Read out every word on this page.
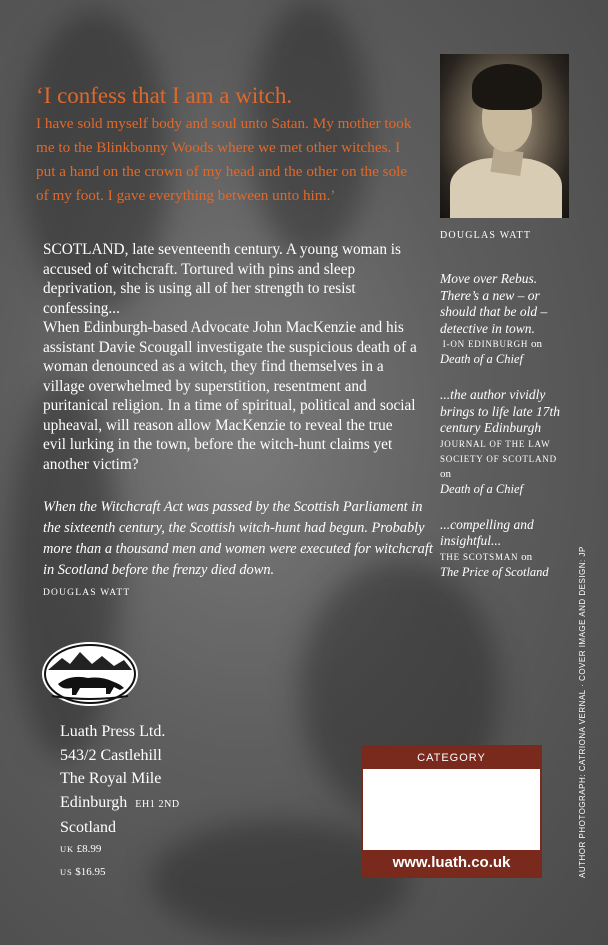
‘I confess that I am a witch.

I have sold myself body and soul unto Satan. My mother took me to the Blinkbonny Woods where we met other witches. I put a hand on the crown of my head and the other on the sole of my foot. I gave everything between unto him.’

DOUGLAS WATT

SCOTLAND, late seventeenth century. A young woman is accused of witchcraft. Tortured with pins and sleep deprivation, she is using all of her strength to resist confessing...

When Edinburgh-based Advocate John MacKenzie and his assistant Davie Scougall investigate the suspicious death of a woman denounced as a witch, they find themselves in a village overwhelmed by superstition, resentment and puritanical religion. In a time of spiritual, political and social upheaval, will reason allow MacKenzie to reveal the true evil lurking in the town, before the witch-hunt claims yet another victim?

When the Witchcraft Act was passed by the Scottish Parliament in the sixteenth century, the Scottish witch-hunt had begun. Probably more than a thousand men and women were executed for witchcraft in Scotland before the frenzy died down.

DOUGLAS WATT
Move over Rebus. There’s a new – or should that be old – detective in town.
I-ON EDINBURGH on
Death of a Chief
...the author vividly brings to life late 17th century Edinburgh
JOURNAL OF THE LAW SOCIETY OF SCOTLAND on
Death of a Chief
...compelling and insightful...
THE SCOTSMAN on
The Price of Scotland
Luath Press Ltd.
543/2 Castlehill
The Royal Mile
Edinburgh EH1 2ND
Scotland
UK £8.99
US $16.95
CATEGORY
www.luath.co.uk	AUTHOR PHOTOGRAPH: CATRIONA VERNAL · COVER IMAGE AND DESIGN: JP
